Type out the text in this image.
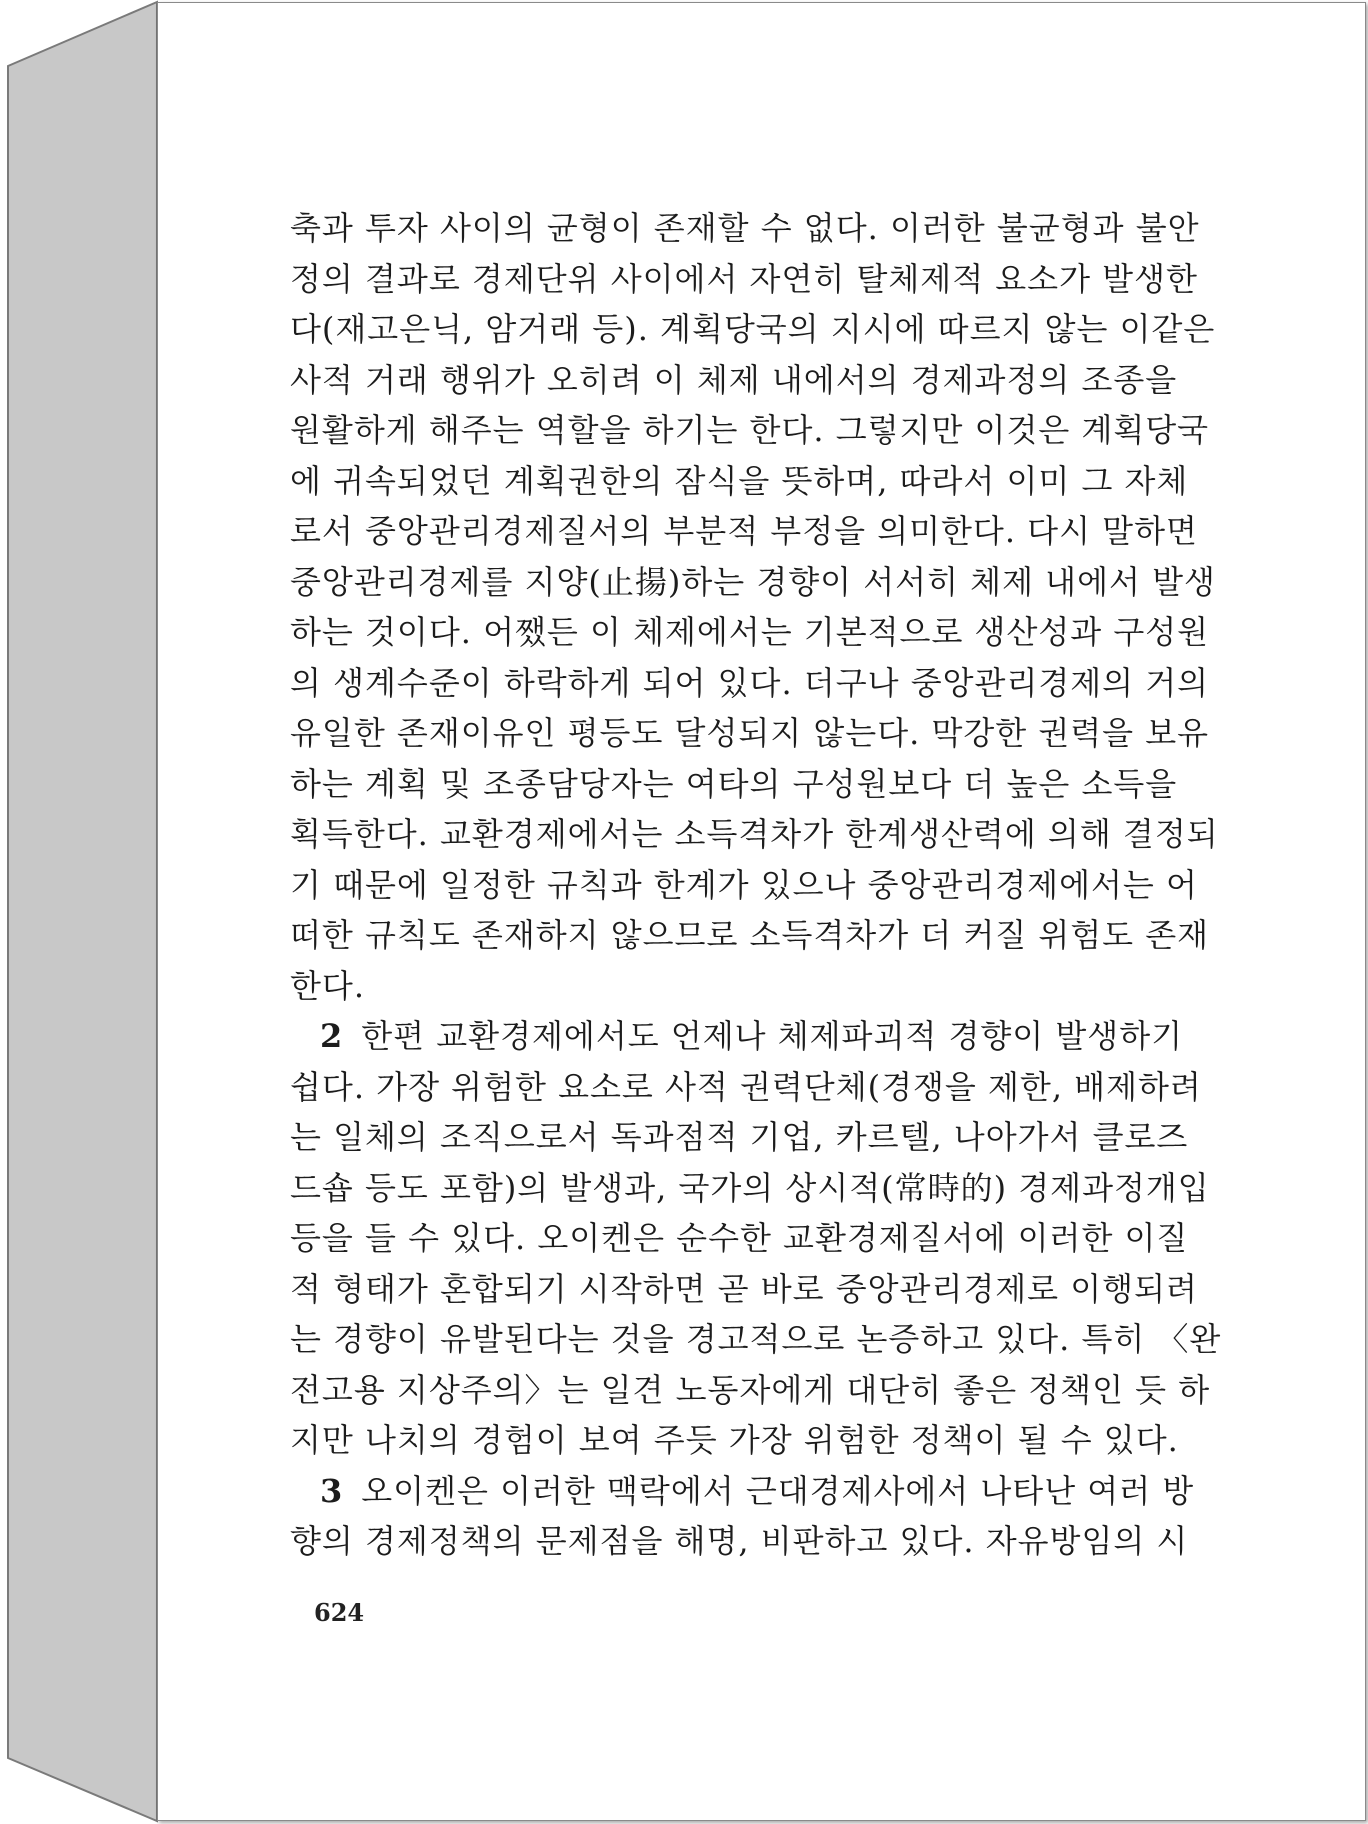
축과 투자 사이의 균형이 존재할 수 없다. 이러한 불균형과 불안
정의 결과로 경제단위 사이에서 자연히 탈체제적 요소가 발생한
다(재고은닉, 암거래 등). 계획당국의 지시에 따르지 않는 이같은
사적 거래 행위가 오히려 이 체제 내에서의 경제과정의 조종을
원활하게 해주는 역할을 하기는 한다. 그렇지만 이것은 계획당국
에 귀속되었던 계획권한의 잠식을 뜻하며, 따라서 이미 그 자체
로서 중앙관리경제질서의 부분적 부정을 의미한다. 다시 말하면
중앙관리경제를 지양(止揚)하는 경향이 서서히 체제 내에서 발생
하는 것이다. 어쨌든 이 체제에서는 기본적으로 생산성과 구성원
의 생계수준이 하락하게 되어 있다. 더구나 중앙관리경제의 거의
유일한 존재이유인 평등도 달성되지 않는다. 막강한 권력을 보유
하는 계획 및 조종담당자는 여타의 구성원보다 더 높은 소득을
획득한다. 교환경제에서는 소득격차가 한계생산력에 의해 결정되
기 때문에 일정한 규칙과 한계가 있으나 중앙관리경제에서는 어
떠한 규칙도 존재하지 않으므로 소득격차가 더 커질 위험도 존재
한다.
2 한편 교환경제에서도 언제나 체제파괴적 경향이 발생하기
쉽다. 가장 위험한 요소로 사적 권력단체(경쟁을 제한, 배제하려
는 일체의 조직으로서 독과점적 기업, 카르텔, 나아가서 클로즈
드숍 등도 포함)의 발생과, 국가의 상시적(常時的) 경제과정개입
등을 들 수 있다. 오이켄은 순수한 교환경제질서에 이러한 이질
적 형태가 혼합되기 시작하면 곧 바로 중앙관리경제로 이행되려
는 경향이 유발된다는 것을 경고적으로 논증하고 있다. 특히 〈완
전고용 지상주의〉는 일견 노동자에게 대단히 좋은 정책인 듯 하
지만 나치의 경험이 보여 주듯 가장 위험한 정책이 될 수 있다.
3 오이켄은 이러한 맥락에서 근대경제사에서 나타난 여러 방
향의 경제정책의 문제점을 해명, 비판하고 있다. 자유방임의 시
624
